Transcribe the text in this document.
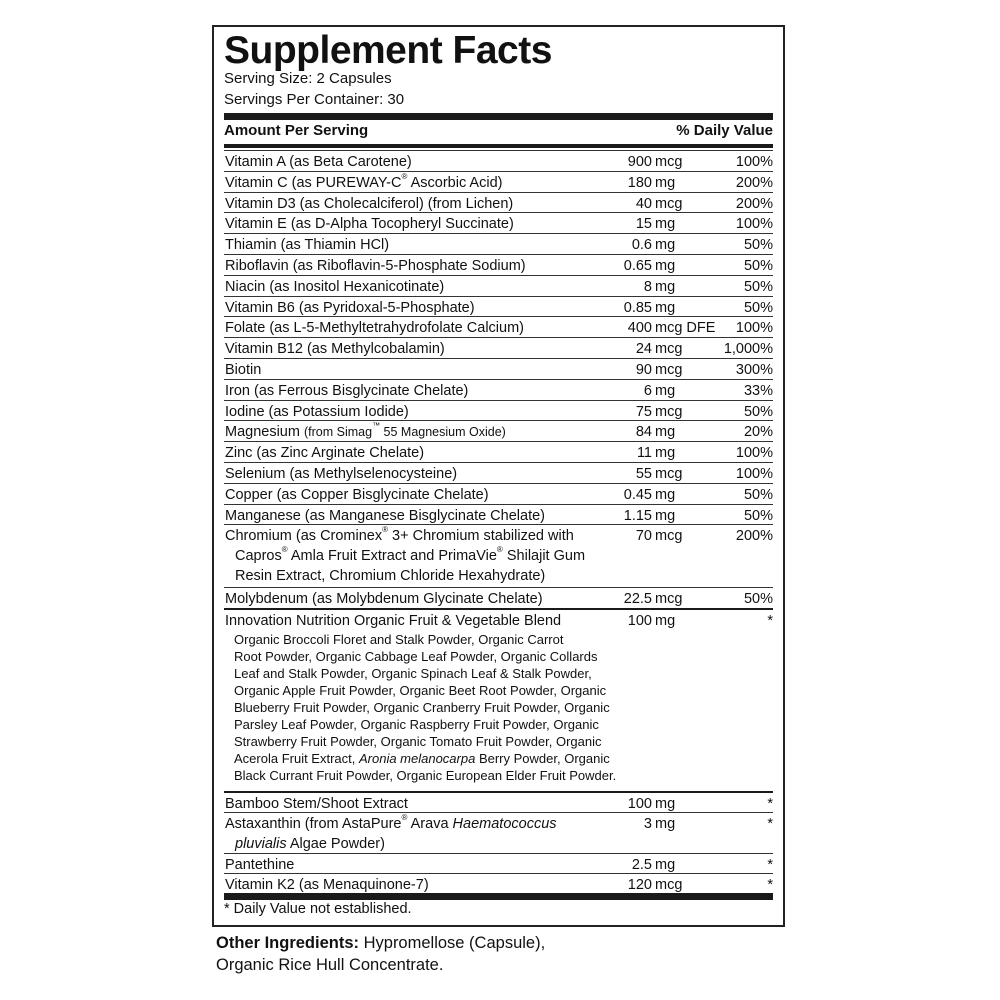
Supplement Facts
Serving Size: 2 Capsules
Servings Per Container: 30
Amount Per Serving	% Daily Value
Vitamin A (as Beta Carotene)	900 mcg	100%
Vitamin C (as PUREWAY-C® Ascorbic Acid)	180 mg	200%
Vitamin D3 (as Cholecalciferol) (from Lichen)	40 mcg	200%
Vitamin E (as D-Alpha Tocopheryl Succinate)	15 mg	100%
Thiamin (as Thiamin HCl)	0.6 mg	50%
Riboflavin (as Riboflavin-5-Phosphate Sodium)	0.65 mg	50%
Niacin (as Inositol Hexanicotinate)	8 mg	50%
Vitamin B6 (as Pyridoxal-5-Phosphate)	0.85 mg	50%
Folate (as L-5-Methyltetrahydrofolate Calcium)	400 mcg DFE 100%
Vitamin B12 (as Methylcobalamin)	24 mcg	1,000%
Biotin	90 mcg	300%
Iron (as Ferrous Bisglycinate Chelate)	6 mg	33%
Iodine (as Potassium Iodide)	75 mcg	50%
Magnesium (from Simag™ 55 Magnesium Oxide)	84 mg	20%
Zinc (as Zinc Arginate Chelate)	11 mg	100%
Selenium (as Methylselenocysteine)	55 mcg	100%
Copper (as Copper Bisglycinate Chelate)	0.45 mg	50%
Manganese (as Manganese Bisglycinate Chelate)	1.15 mg	50%
Chromium (as Crominex® 3+ Chromium stabilized with
Capros® Amla Fruit Extract and PrimaVie® Shilajit Gum
Resin Extract, Chromium Chloride Hexahydrate)
70 mcg	200%
Molybdenum (as Molybdenum Glycinate Chelate)	22.5 mcg	50%
Innovation Nutrition Organic Fruit & Vegetable Blend	100 mg	*
Organic Broccoli Floret and Stalk Powder, Organic Carrot
Root Powder, Organic Cabbage Leaf Powder, Organic Collards
Leaf and Stalk Powder, Organic Spinach Leaf & Stalk Powder,
Organic Apple Fruit Powder, Organic Beet Root Powder, Organic
Blueberry Fruit Powder, Organic Cranberry Fruit Powder, Organic
Parsley Leaf Powder, Organic Raspberry Fruit Powder, Organic
Strawberry Fruit Powder, Organic Tomato Fruit Powder, Organic
Acerola Fruit Extract, Aronia melanocarpa Berry Powder, Organic
Black Currant Fruit Powder, Organic European Elder Fruit Powder.
Bamboo Stem/Shoot Extract	100 mg	*
Astaxanthin (from AstaPure® Arava Haematococcus
pluvialis Algae Powder)
3 mg	*
Pantethine	2.5 mg	*
Vitamin K2 (as Menaquinone-7)	120 mcg	*
* Daily Value not established.
Other Ingredients: Hypromellose (Capsule),
Organic Rice Hull Concentrate.
